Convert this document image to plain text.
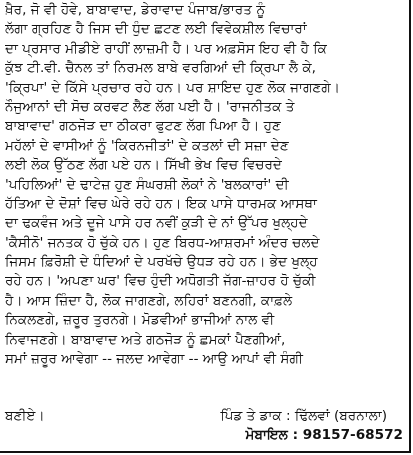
ਖ਼ੈਰ, ਜੋ ਵੀ ਹੋਵੇ, ਬਾਬਾਵਾਦ, ਡੇਰਾਵਾਦ ਪੰਜਾਬ/ਭਾਰਤ ਨੂੰ
ਲੱਗਾ ਗ੍ਰਹਿਣ ਹੈ ਜਿਸ ਦੀ ਧੁੰਦ ਛਟਣ ਲਈ ਵਿਵੇਕਸ਼ੀਲ ਵਿਚਾਰਾਂ
ਦਾ ਪ੍ਰਸਾਰ ਮੀਡੀਏ ਰਾਹੀਂ ਲਾਜ਼ਮੀ ਹੈ। ਪਰ ਅਫ਼ਸੋਸ ਇਹ ਵੀ ਹੈ ਕਿ
ਕੁੱਝ ਟੀ.ਵੀ. ਚੈਨਲ ਤਾਂ ਨਿਰਮਲ ਬਾਬੇ ਵਰਗਿਆਂ ਦੀ ਕ੍ਰਿਪਾ ਲੈ ਕੇ,
'ਕ੍ਰਿਪਾ' ਦੇ ਕਿੱਸੇ ਪ੍ਰਚਾਰ ਰਹੇ ਹਨ। ਪਰ ਸ਼ਾਇਦ ਹੁਣ ਲੋਕ ਜਾਗਣਗੇ।
ਨੌਜੁਆਨਾਂ ਦੀ ਸੋਚ ਕਰਵਟ ਲੈਣ ਲੱਗ ਪਈ ਹੈ। 'ਰਾਜਨੀਤਕ ਤੇ
ਬਾਬਾਵਾਦ' ਗਠਜੋੜ ਦਾ ਠੀਕਰਾ ਫੁਟਣ ਲੱਗ ਪਿਆ ਹੈ। ਹੁਣ
ਮਹੱਲਾਂ ਦੇ ਵਾਸੀਆਂ ਨੂੰ 'ਕਿਰਨਜੀਤਾਂ' ਦੇ ਕਤਲਾਂ ਦੀ ਸਜ਼ਾ ਦੇਣ
ਲਈ ਲੋਕ ਉੱਠਣ ਲੱਗ ਪਏ ਹਨ। ਸਿੱਖੀ ਭੇਖ ਵਿਚ ਵਿਚਰਦੇ
'ਪਹਿਲਿਆਂ' ਦੇ ਢਾਟੇਜ਼ ਹੁਣ ਸੰਘਰਸ਼ੀ ਲੋਕਾਂ ਨੇ 'ਬਲਕਾਰਾਂ' ਦੀ
ਹੱਤਿਆ ਦੇ ਦੋਸ਼ਾਂ ਵਿਚ ਘੇਰੇ ਰਹੇ ਹਨ। ਇਕ ਪਾਸੇ ਧਾਰਮਕ ਆਸਥਾ
ਦਾ ਢਕਵੰਜ ਅਤੇ ਦੂਜੇ ਪਾਸੇ ਹਰ ਨਵੀਂ ਕੁੜੀ ਦੇ ਨਾਂ ਉੱਪਰ ਖੁਲ੍ਹਦੇ
'ਕੈਸੀਨੋ' ਜਨਤਕ ਹੋ ਚੁੱਕੇ ਹਨ। ਹੁਣ ਬਿਰਧ-ਆਸ਼ਰਮਾਂ ਅੰਦਰ ਚਲਦੇ
ਜਿਸਮ ਫ਼ਿਰੋਸ਼ੀ ਦੇ ਧੰਦਿਆਂ ਦੇ ਪਰਖੱਚੇ ਉਧੜ ਰਹੇ ਹਨ। ਭੇਦ ਖੁਲ੍ਹ
ਰਹੇ ਹਨ। 'ਅਪਣਾ ਘਰ' ਵਿਚ ਹੁੰਦੀ ਅਧੋਗਤੀ ਜੱਗ-ਜ਼ਾਹਰ ਹੋ ਚੁੱਕੀ
ਹੈ। ਆਸ ਜ਼ਿੰਦਾ ਹੈ, ਲੋਕ ਜਾਗਣਗੇ, ਲਹਿਰਾਂ ਬਣਨਗੀ, ਕਾਫ਼ਲੇ
ਨਿਕਲਣਗੇ, ਜ਼ਰੂਰ ਤੁਰਨਗੇ। ਮੋਡਵੀਆਂ ਭਾਜੀਆਂ ਨਾਲ ਵੀ
ਨਿਵਾਜਣਗੇ। ਬਾਬਾਵਾਦ ਅਤੇ ਗਠਜੋੜ ਨੂੰ ਛਮਕਾਂ ਪੈਣਗੀਆਂ,
ਸਮਾਂ ਜ਼ਰੂਰ ਆਵੇਗਾ -- ਜਲਦ ਆਵੇਗਾ -- ਆਉ ਆਪਾਂ ਵੀ ਸੰਗੀ
ਬਣੀਏ।	ਪਿੰਡ ਤੇ ਡਾਕ : ਢਿੱਲਵਾਂ (ਬਰਨਾਲਾ)
ਮੋਬਾਇਲ : 98157-68572
